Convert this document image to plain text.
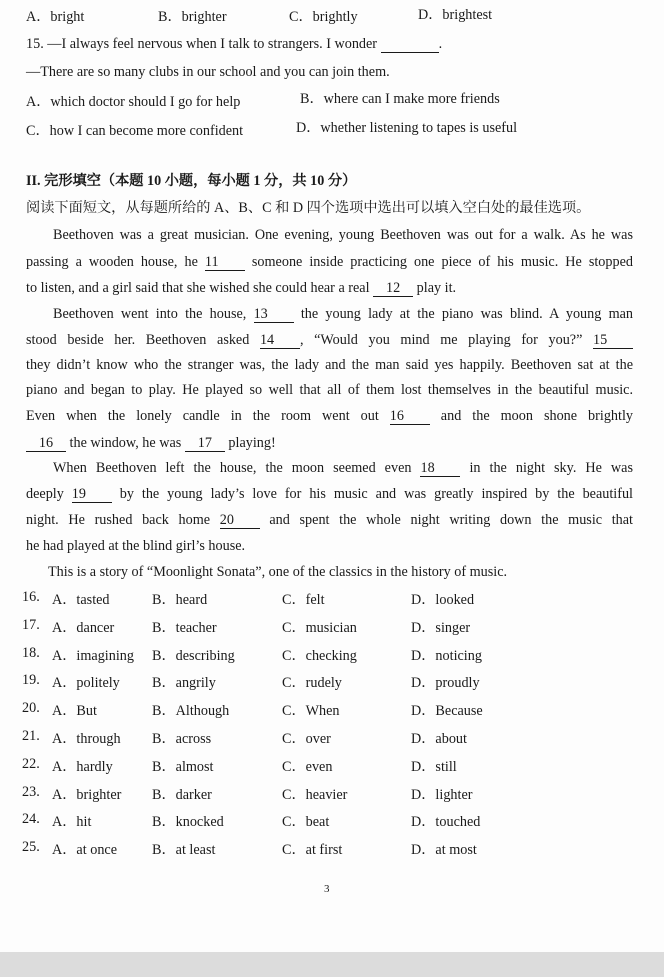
A．bright	B．brighter	C．brightly	D．brightest
15. —I always feel nervous when I talk to strangers. I wonder	.
—There are so many clubs in our school and you can join them.
A．which doctor should I go for help	B．where can I make more friends
C．how I can become more confident	D．whether listening to tapes is useful
II. 完形填空（本题 10 小题，每小题 1 分，共 10 分）
阅读下面短文，从每题所给的 A、B、C 和 D 四个选项中选出可以填入空白处的最佳选项。
Beethoven was a great musician. One evening, young Beethoven was out for a walk. As he was
passing a wooden house, he 11 someone inside practicing one piece of his music. He stopped
to listen, and a girl said that she wished she could hear a real 12 play it.
Beethoven went into the house, 13 the young lady at the piano was blind. A young man
stood beside her. Beethoven asked 14 , “Would you mind me playing for you?” 15
they didn’t know who the stranger was, the lady and the man said yes happily. Beethoven sat at the
piano and began to play. He played so well that all of them lost themselves in the beautiful music.
Even when the lonely candle in the room went out 16 and the moon shone brightly
16 the window, he was 17 playing!
When Beethoven left the house, the moon seemed even 18 in the night sky. He was
deeply 19 by the young lady’s love for his music and was greatly inspired by the beautiful
night. He rushed back home 20 and spent the whole night writing down the music that
he had played at the blind girl’s house.
This is a story of “Moonlight Sonata”, one of the classics in the history of music.
16. A．tasted	B．heard	C．felt	D．looked
17. A．dancer	B．teacher	C．musician	D．singer
18. A．imagining B．describing	C．checking	D．noticing
19. A．politely B．angrily	C．rudely	D．proudly
20. A．But	B．Although	C．When	D．Because
21. A．through B．across	C．over	D．about
22. A．hardly	B．almost	C．even	D．still
23. A．brighter B．darker	C．heavier	D．lighter
24. A．hit	B．knocked	C．beat	D．touched
25. A．at once B．at least	C．at first	D．at most
3
